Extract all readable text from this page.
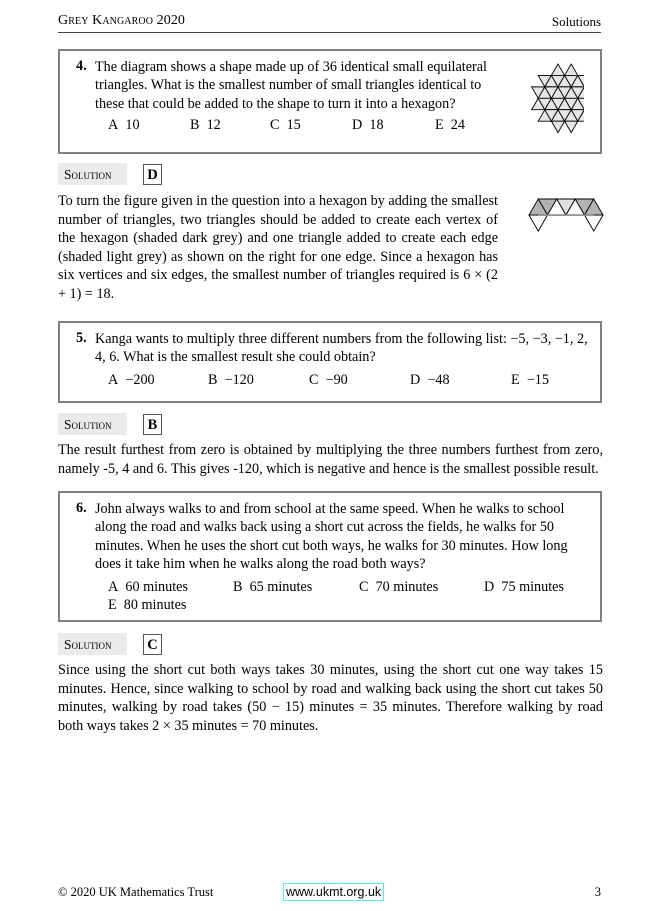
Grey Kangaroo 2020	Solutions
4. The diagram shows a shape made up of 36 identical small equilateral
triangles. What is the smallest number of small triangles identical to
these that could be added to the shape to turn it into a hexagon?
A 10	B 12	C 15	D 18	E 24
Solution	D
To turn the figure given in the question into a hexagon by adding the smallest number of triangles, two triangles should be added to create each vertex of the hexagon (shaded dark grey) and one triangle added to create each edge (shaded light grey) as shown on the right for one edge. Since a hexagon has six vertices and six edges, the smallest number of triangles required is 6 × (2 + 1) = 18.
5. Kanga wants to multiply three different numbers from the following list: −5, −3, −1, 2,
4, 6. What is the smallest result she could obtain?
A −200	B −120	C −90	D −48	E −15
Solution	B
The result furthest from zero is obtained by multiplying the three numbers furthest from zero, namely -5, 4 and 6. This gives -120, which is negative and hence is the smallest possible result.
6. John always walks to and from school at the same speed. When he walks to school
along the road and walks back using a short cut across the fields, he walks for 50
minutes. When he uses the short cut both ways, he walks for 30 minutes. How long
does it take him when he walks along the road both ways?
A 60 minutes	B 65 minutes	C 70 minutes	D 75 minutes
E 80 minutes
Solution	C
Since using the short cut both ways takes 30 minutes, using the short cut one way takes 15 minutes. Hence, since walking to school by road and walking back using the short cut takes 50 minutes, walking by road takes (50 − 15) minutes = 35 minutes. Therefore walking by road both ways takes 2 × 35 minutes = 70 minutes.
© 2020 UK Mathematics Trust	www.ukmt.org.uk	3
